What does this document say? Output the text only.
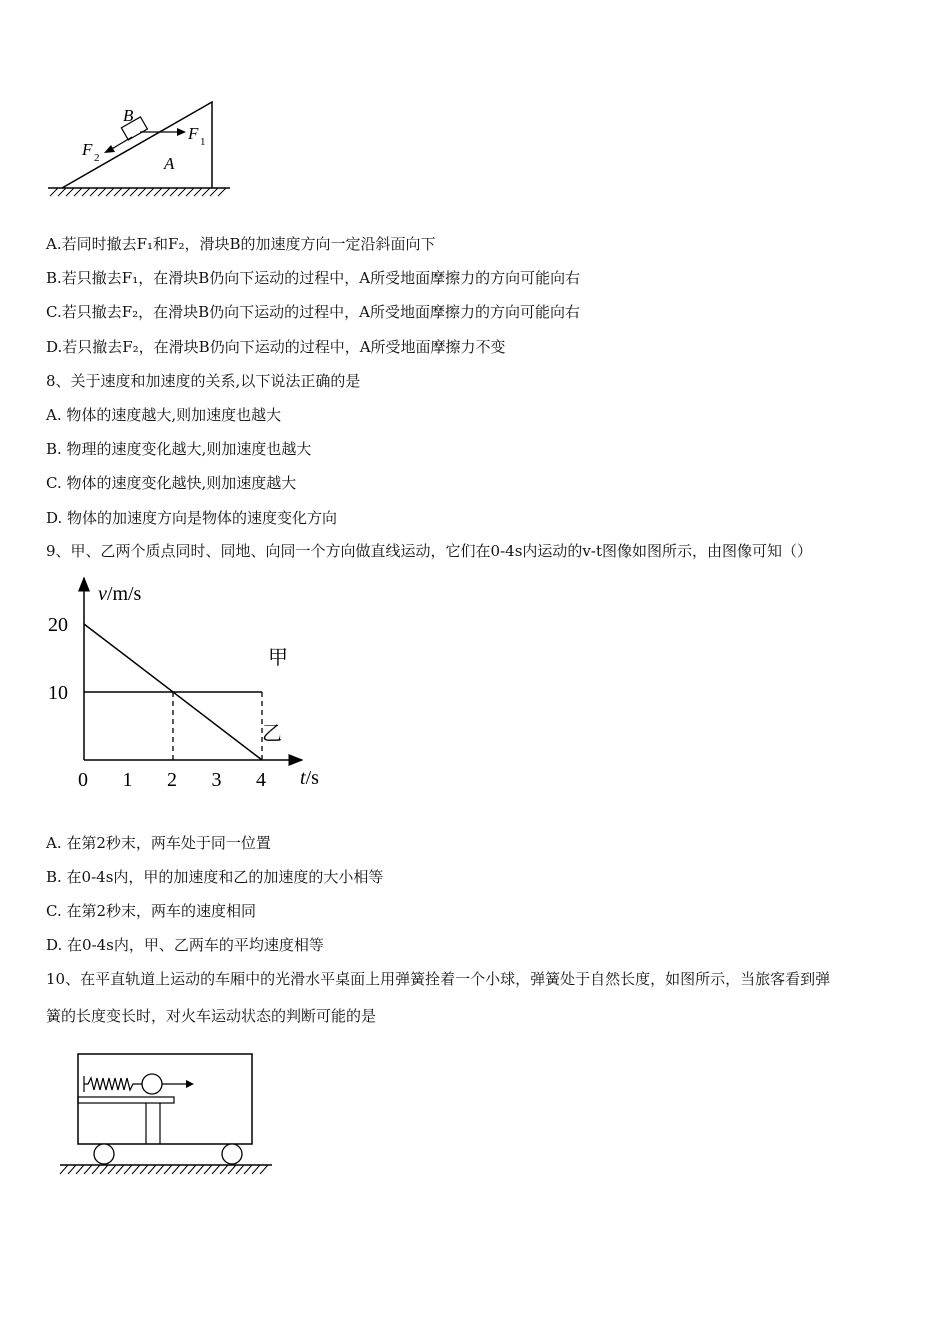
B
F 1
F 2	A
A.若同时撤去F₁和F₂，滑块B的加速度方向一定沿斜面向下
B.若只撤去F₁，在滑块B仍向下运动的过程中，A所受地面摩擦力的方向可能向右
C.若只撤去F₂，在滑块B仍向下运动的过程中，A所受地面摩擦力的方向可能向右
D.若只撤去F₂，在滑块B仍向下运动的过程中，A所受地面摩擦力不变
8、关于速度和加速度的关系,以下说法正确的是
A. 物体的速度越大,则加速度也越大
B. 物理的速度变化越大,则加速度也越大
C. 物体的速度变化越快,则加速度越大
D. 物体的加速度方向是物体的速度变化方向
9、甲、乙两个质点同时、同地、向同一个方向做直线运动，它们在0-4s内运动的v-t图像如图所示，由图像可知（）
0 1 2 3 4
20
10
v/m/s
t/s
甲
乙
A. 在第2秒末，两车处于同一位置
B. 在0-4s内，甲的加速度和乙的加速度的大小相等
C. 在第2秒末，两车的速度相同
D. 在0-4s内，甲、乙两车的平均速度相等
10、在平直轨道上运动的车厢中的光滑水平桌面上用弹簧拴着一个小球，弹簧处于自然长度，如图所示，当旅客看到弹
簧的长度变长时，对火车运动状态的判断可能的是
